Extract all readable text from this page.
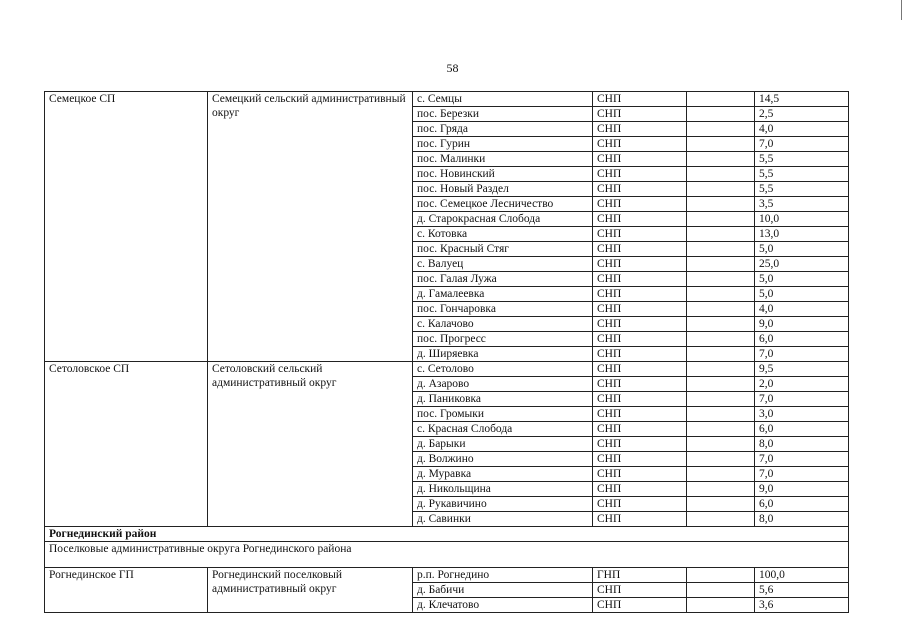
58
Семецкое СП	Семецкий сельский административный округ	с. Семцы	СНП		14,5
		пос. Березки	СНП		2,5
		пос. Гряда	СНП		4,0
		пос. Гурин	СНП		7,0
		пос. Малинки	СНП		5,5
		пос. Новинский	СНП		5,5
		пос. Новый Раздел	СНП		5,5
		пос. Семецкое Лесничество	СНП		3,5
		д. Старокрасная Слобода	СНП		10,0
		с. Котовка	СНП		13,0
		пос. Красный Стяг	СНП		5,0
		с. Валуец	СНП		25,0
		пос. Галая Лужа	СНП		5,0
		д. Гамалеевка	СНП		5,0
		пос. Гончаровка	СНП		4,0
		с. Калачово	СНП		9,0
		пос. Прогресс	СНП		6,0
		д. Ширяевка	СНП		7,0
Сетоловское СП	Сетоловский сельский административный округ	с. Сетолово	СНП		9,5
		д. Азарово	СНП		2,0
		д. Паниковка	СНП		7,0
		пос. Громыки	СНП		3,0
		с. Красная Слобода	СНП		6,0
		д. Барыки	СНП		8,0
		д. Волжино	СНП		7,0
		д. Муравка	СНП		7,0
		д. Никольщина	СНП		9,0
		д. Рукавичино	СНП		6,0
		д. Савинки	СНП		8,0
Рогнединский район					
Поселковые административные округа Рогнединского района					
Рогнединское ГП	Рогнединский поселковый административный округ	р.п. Рогнедино	ГНП		100,0
		д. Бабичи	СНП		5,6
		д. Клечатово	СНП		3,6
